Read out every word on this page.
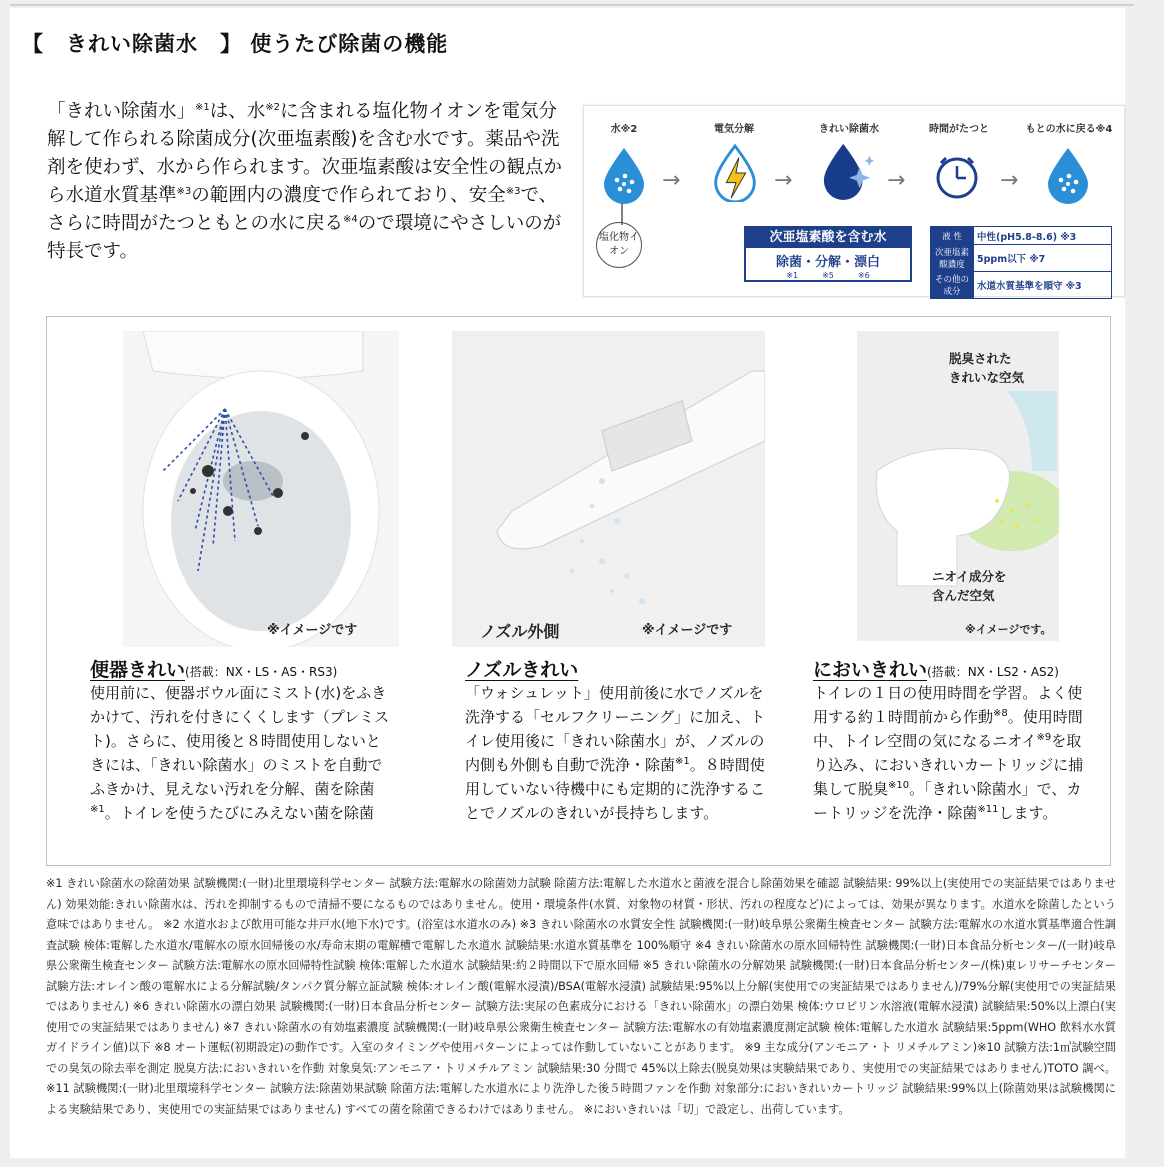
【　きれい除菌水　】 使うたび除菌の機能
「きれい除菌水」$^{※1}$は、水$^{※2}$に含まれる塩化物イオンを電気分解して作られる除菌成分(次亜塩素酸)を含む水です。薬品や洗剤を使わず、水から作られます。次亜塩素酸は安全性の観点から水道水質基準$^{※3}$の範囲内の濃度で作られており、安全$^{※3}$で、さらに時間がたつともとの水に戻る$^{※4}$ので環境にやさしいのが特長です。
水※2	電気分解	きれい除菌水	時間がたつと	もとの水に戻る※4
→	→	→	→
塩化物イオン
次亜塩素酸を含む水
除菌・分解・漂白
※1　　　※5　　　※6
液 性	中性(pH5.8-8.6) ※3
次亜塩素酸濃度	5ppm以下 ※7
その他の成分	水道水質基準を順守 ※3
※イメージです	ノズル外側	※イメージです
脱臭された
きれいな空気
ニオイ成分を
含んだ空気
※イメージです。
便器きれい(搭載：NX・LS・AS・RS3)
使用前に、便器ボウル面にミスト(水)をふきかけて、汚れを付きにくくします（プレミスト)。さらに、使用後と８時間使用しないときには、「きれい除菌水」のミストを自動でふきかけ、見えない汚れを分解、菌を除菌$^{※1}$。トイレを使うたびにみえない菌を除菌
ノズルきれい
「ウォシュレット」使用前後に水でノズルを洗浄する「セルフクリーニング」に加え、トイレ使用後に「きれい除菌水」が、ノズルの内側も外側も自動で洗浄・除菌$^{※1}$。８時間使用していない待機中にも定期的に洗浄することでノズルのきれいが長持ちします。
においきれい(搭載：NX・LS2・AS2)
トイレの１日の使用時間を学習。よく使用する約１時間前から作動$^{※8}$。使用時間中、トイレ空間の気になるニオイ$^{※9}$を取り込み、においきれいカートリッジに捕集して脱臭$^{※10}$。「きれい除菌水」で、カートリッジを洗浄・除菌$^{※11}$します。
※1 きれい除菌水の除菌効果 試験機関:(一財)北里環境科学センター 試験方法:電解水の除菌効力試験 除菌方法:電解した水道水と菌液を混合し除菌効果を確認 試験結果: 99%以上(実使用での実証結果ではありません) 効果効能:きれい除菌水は、汚れを抑制するもので清掃不要になるものではありません。使用・環境条件(水質、対象物の材質・形状、汚れの程度など)によっては、効果が異なります。水道水を除菌したという意味ではありません。 ※2 水道水および飲用可能な井戸水(地下水)です。(浴室は水道水のみ) ※3 きれい除菌水の水質安全性 試験機関:(一財)岐阜県公衆衛生検査センター 試験方法:電解水の水道水質基準適合性調査試験 検体:電解した水道水/電解水の原水回帰後の水/寿命末期の電解槽で電解した水道水 試験結果:水道水質基準を 100%順守 ※4 きれい除菌水の原水回帰特性 試験機関:(一財)日本食品分析センター/(一財)岐阜県公衆衛生検査センター 試験方法:電解水の原水回帰特性試験 検体:電解した水道水 試験結果:約２時間以下で原水回帰 ※5 きれい除菌水の分解効果 試験機関:(一財)日本食品分析センター/(株)東レリサーチセンター 試験方法:オレイン酸の電解水による分解試験/タンパク質分解立証試験 検体:オレイン酸(電解水浸漬)/BSA(電解水浸漬) 試験結果:95%以上分解(実使用での実証結果ではありません)/79%分解(実使用での実証結果ではありません) ※6 きれい除菌水の漂白効果 試験機関:(一財)日本食品分析センター 試験方法:実尿の色素成分における「きれい除菌水」の漂白効果 検体:ウロビリン水溶液(電解水浸漬) 試験結果:50%以上漂白(実使用での実証結果ではありません) ※7 きれい除菌水の有効塩素濃度 試験機関:(一財)岐阜県公衆衛生検査センター 試験方法:電解水の有効塩素濃度測定試験 検体:電解した水道水 試験結果:5ppm(WHO 飲料水水質ガイドライン値)以下 ※8 オート運転(初期設定)の動作です。入室のタイミングや使用パターンによっては作動していないことがあります。 ※9 主な成分(アンモニア・ト リメチルアミン)※10 試験方法:1㎥試験空間での臭気の除去率を測定 脱臭方法:においきれいを作動 対象臭気:アンモニア・トリメチルアミン 試験結果:30 分間で 45%以上除去(脱臭効果は実験結果であり、実使用での実証結果ではありません)TOTO 調べ。 ※11 試験機関:(一財)北里環境科学センター 試験方法:除菌効果試験 除菌方法:電解した水道水により洗浄した後５時間ファンを作動 対象部分:においきれいカートリッジ 試験結果:99%以上(除菌効果は試験機関による実験結果であり、実使用での実証結果ではありません) すべての菌を除菌できるわけではありません。 ※においきれいは「切」で設定し、出荷しています。
